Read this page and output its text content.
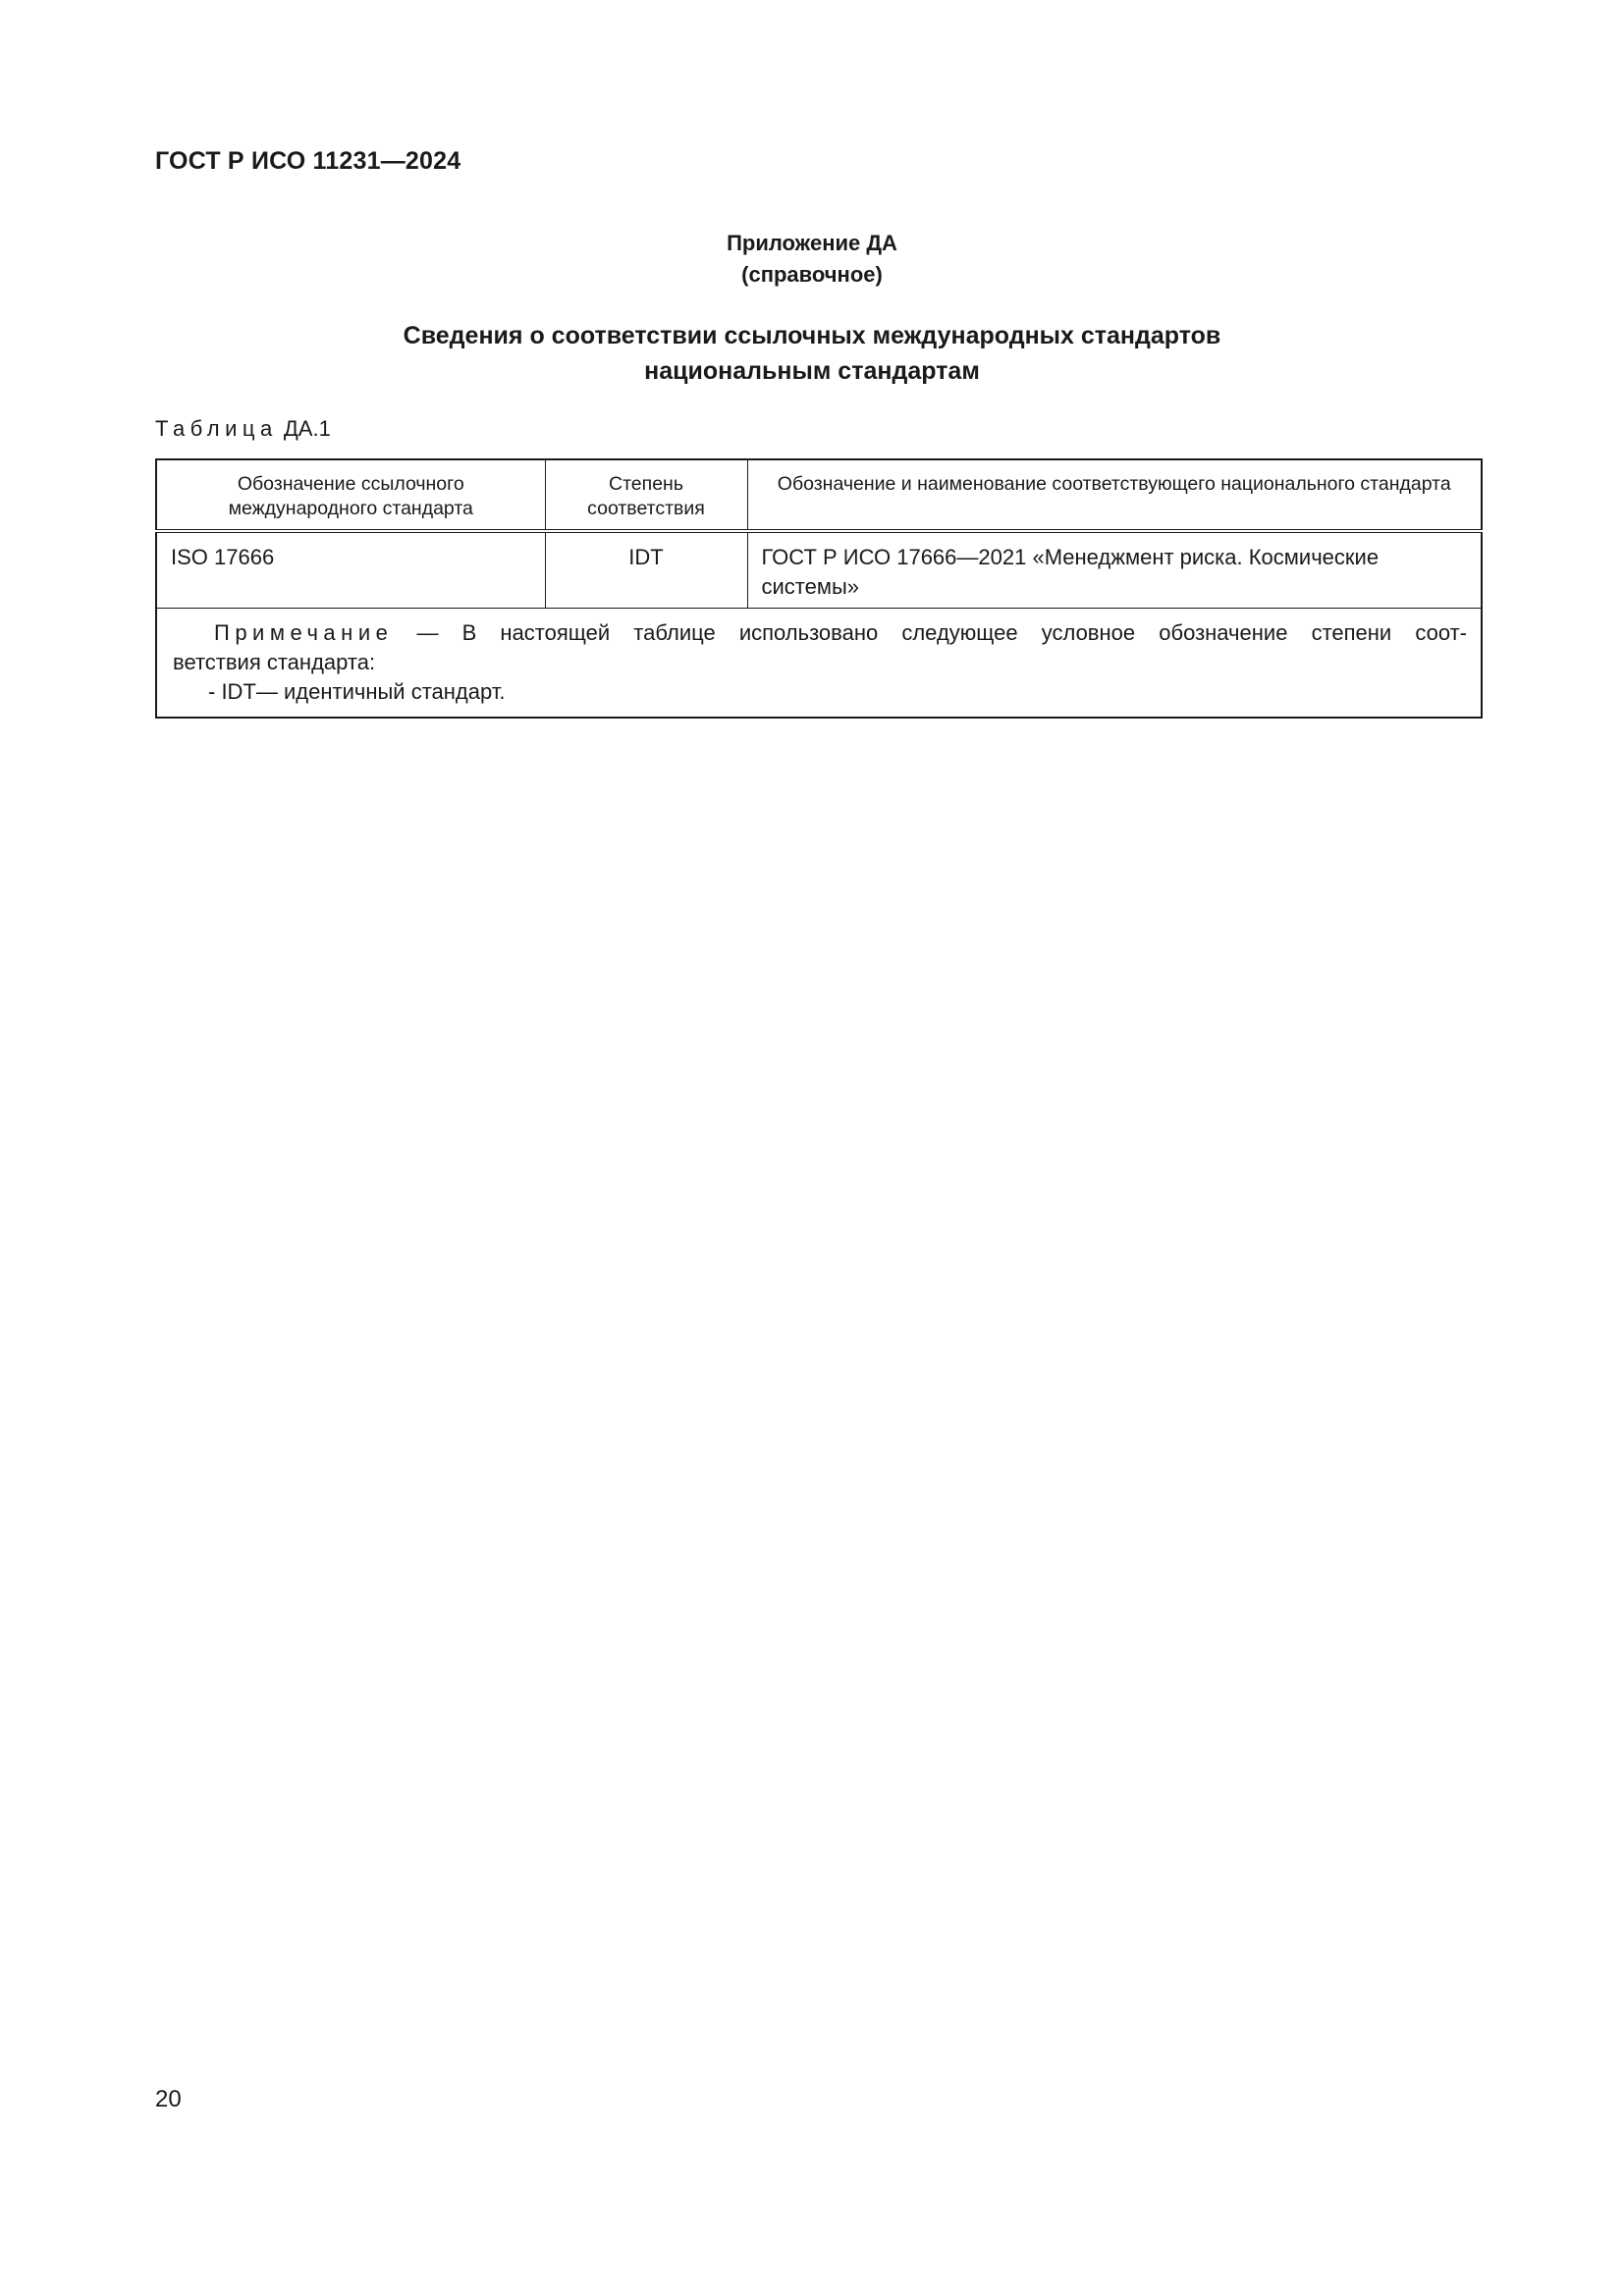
ГОСТ Р ИСО 11231—2024
Приложение ДА
(справочное)
Сведения о соответствии ссылочных международных стандартов
национальным стандартам
Таблица ДА.1
Обозначение ссылочного международного стандарта	Степень соответствия	Обозначение и наименование соответствующего национального стандарта
ISO 17666	IDT	ГОСТ Р ИСО 17666—2021 «Менеджмент риска. Космические системы»

Примечание — В настоящей таблице использовано следующее условное обозначение степени соот-
ветствия стандарта:
- IDT— идентичный стандарт.		
20
